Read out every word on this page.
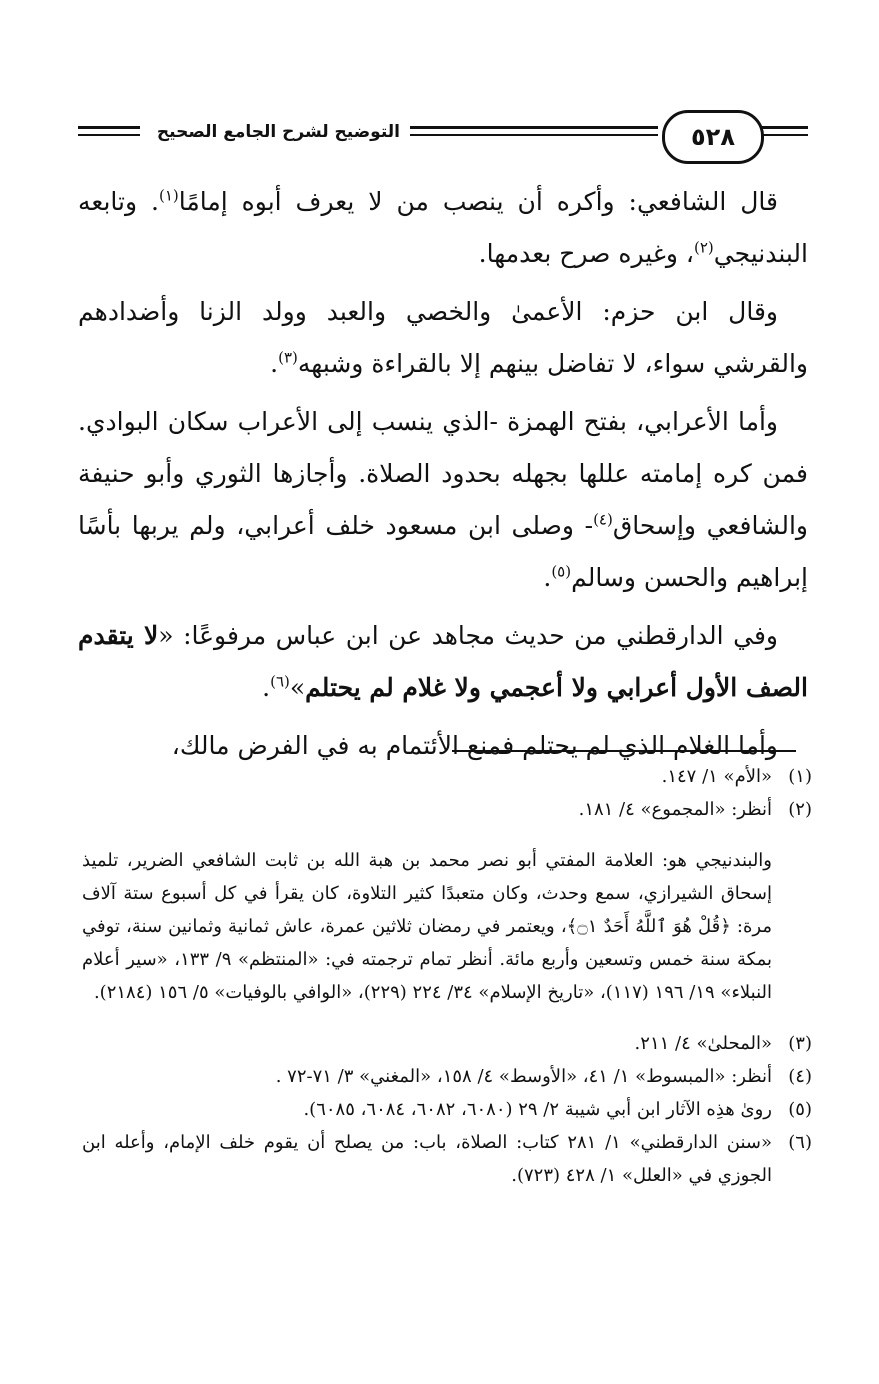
٥٢٨
التوضيح لشرح الجامع الصحيح

قال الشافعي: وأكره أن ينصب من لا يعرف أبوه إمامًا$^{(١)}$. وتابعه البندنيجي$^{(٢)}$، وغيره صرح بعدمها.

وقال ابن حزم: الأعمىٰ والخصي والعبد وولد الزنا وأضدادهم والقرشي سواء، لا تفاضل بينهم إلا بالقراءة وشبهه$^{(٣)}$.

وأما الأعرابي، بفتح الهمزة -الذي ينسب إلى الأعراب سكان البوادي. فمن كره إمامته عللها بجهله بحدود الصلاة. وأجازها الثوري وأبو حنيفة والشافعي وإسحاق$^{(٤)}$- وصلى ابن مسعود خلف أعرابي، ولم يربها بأسًا إبراهيم والحسن وسالم$^{(٥)}$.

وفي الدارقطني من حديث مجاهد عن ابن عباس مرفوعًا: «لا يتقدم الصف الأول أعرابي ولا أعجمي ولا غلام لم يحتلم»$^{(٦)}$.

وأما الغلام الذي لم يحتلم فمنع الأئتمام به في الفرض مالك،

(١)

«الأم» ١/ ١٤٧.

(٢)

أنظر: «المجموع» ٤/ ١٨١.

والبندنيجي هو: العلامة المفتي أبو نصر محمد بن هبة الله بن ثابت الشافعي الضرير، تلميذ إسحاق الشيرازي، سمع وحدث، وكان متعبدًا كثير التلاوة، كان يقرأ في كل أسبوع ستة آلاف مرة: ﴿قُلْ هُوَ ٱللَّهُ أَحَدٌ ۝١﴾، ويعتمر في رمضان ثلاثين عمرة، عاش ثمانية وثمانين سنة، توفي بمكة سنة خمس وتسعين وأربع مائة. أنظر تمام ترجمته في: «المنتظم» ٩/ ١٣٣، «سير أعلام النبلاء» ١٩/ ١٩٦ (١١٧)، «تاريخ الإسلام» ٣٤/ ٢٢٤ (٢٢٩)، «الوافي بالوفيات» ٥/ ١٥٦ (٢١٨٤).

(٣)

«المحلىٰ» ٤/ ٢١١.

(٤)

أنظر: «المبسوط» ١/ ٤١، «الأوسط» ٤/ ١٥٨، «المغني» ٣/ ٧١-٧٢ .

(٥)

روىٰ هذِه الآثار ابن أبي شيبة ٢/ ٢٩ (٦٠٨٠، ٦٠٨٢، ٦٠٨٤، ٦٠٨٥).

(٦)

«سنن الدارقطني» ١/ ٢٨١ كتاب: الصلاة، باب: من يصلح أن يقوم خلف الإمام، وأعله ابن الجوزي في «العلل» ١/ ٤٢٨ (٧٢٣).
